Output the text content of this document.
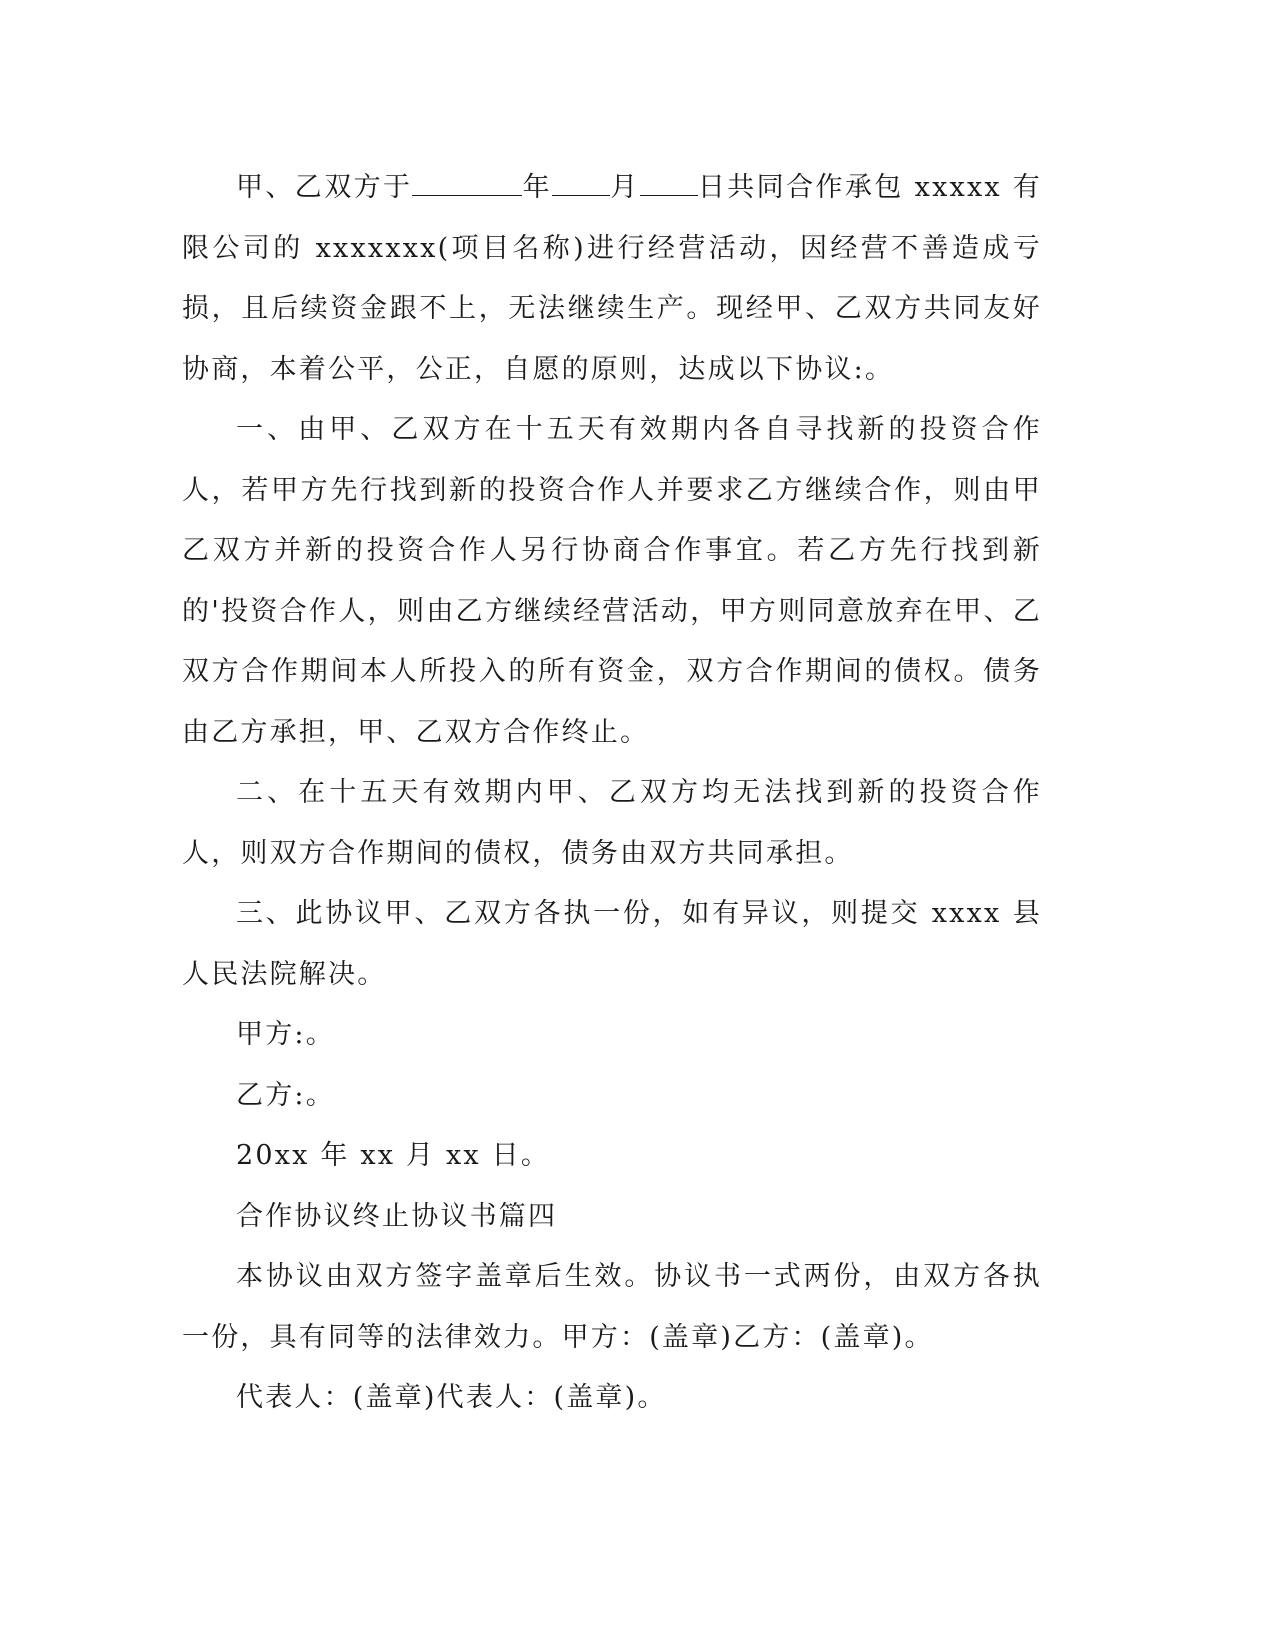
甲、乙双方于	年 月 日共同合作承包 xxxxx 有限公司的 xxxxxxx(项目名称)进行经营活动，因经营不善造成亏损，且后续资金跟不上，无法继续生产。现经甲、乙双方共同友好协商，本着公平，公正，自愿的原则，达成以下协议:。

一、由甲、乙双方在十五天有效期内各自寻找新的投资合作人，若甲方先行找到新的投资合作人并要求乙方继续合作，则由甲乙双方并新的投资合作人另行协商合作事宜。若乙方先行找到新的'投资合作人，则由乙方继续经营活动，甲方则同意放弃在甲、乙双方合作期间本人所投入的所有资金，双方合作期间的债权。债务由乙方承担，甲、乙双方合作终止。

二、在十五天有效期内甲、乙双方均无法找到新的投资合作人，则双方合作期间的债权，债务由双方共同承担。

三、此协议甲、乙双方各执一份，如有异议，则提交 xxxx 县人民法院解决。

甲方:。

乙方:。

20xx 年 xx 月 xx 日。

合作协议终止协议书篇四

本协议由双方签字盖章后生效。协议书一式两份，由双方各执一份，具有同等的法律效力。甲方：(盖章)乙方：(盖章)。

代表人：(盖章)代表人：(盖章)。
